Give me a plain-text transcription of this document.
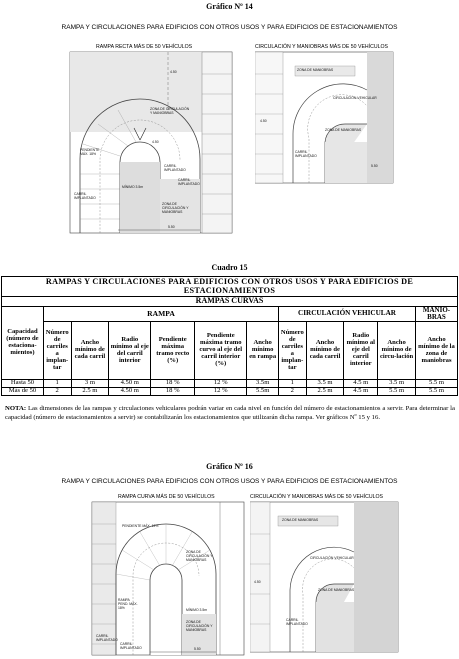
Gráfico Nº 14
RAMPA Y CIRCULACIONES PARA EDIFICIOS CON OTROS USOS Y PARA EDIFICIOS DE ESTACIONAMIENTOS
RAMPA RECTA MÁS DE 50 VEHÍCULOS
4.50
ZONA DE CIRCULACIÓN Y MANIOBRAS
PENDIENTE MÁX. 18%
4.50
CARRIL IMPLANTADO
CARRIL IMPLANTADO
MÍNIMO 3.5m
CARRIL IMPLANTADO
ZONA DE CIRCULACIÓN Y MANIOBRAS
5.50
CIRCULACIÓN Y MANIOBRAS MÁS DE 50 VEHÍCULOS
ZONA DE MANIOBRAS
CIRCULACIÓN VEHICULAR
ZONA DE MANIOBRAS
CARRIL IMPLANTADO
4.50
5.50
Cuadro 15
RAMPAS Y CIRCULACIONES PARA EDIFICIOS CON OTROS USOS Y PARA EDIFICIOS DE ESTACIONAMIENTOS											
RAMPAS CURVAS											
Capacidad (número de estaciona-mientos)	RAMPA						CIRCULACIÓN VEHICULAR				MANIO-BRAS
	Número de carriles a implan-tar	Ancho mínimo de cada carril	Radio mínimo al eje del carril interior	Pendiente máxima tramo recto (%)	Pendiente máxima tramo curvo al eje del carril interior (%)	Ancho mínimo en rampa	Número de carriles a implan-tar	Ancho mínimo de cada carril	Radio mínimo al eje del carril interior	Ancho mínimo de circu-lación	Ancho mínimo de la zona de maniobras
Hasta 50	1	3 m	4.50 m	18 %	12 %	3.5m	1	3.5 m	4.5 m	3.5 m	5.5 m
Más de 50	2	2.5 m	4.50 m	18 %	12 %	5.5m	2	2.5 m	4.5 m	5.5 m	5.5 m
NOTA: Las dimensiones de las rampas y circulaciones vehiculares podrán variar en cada nivel en función del número de estacionamientos a servir. Para determinar la capacidad (número de estacionamientos a servir) se contabilizarán los estacionamientos que utilizarán dicha rampa. Ver gráficos Nº 15 y 16.
Gráfico Nº 16
RAMPA Y CIRCULACIONES PARA EDIFICIOS CON OTROS USOS Y PARA EDIFICIOS DE ESTACIONAMIENTOS
RAMPA CURVA MÁS DE 50 VEHÍCULOS
PENDIENTE MÁX. 12%
ZONA DE CIRCULACIÓN Y MANIOBRAS
RAMPA PEND. MÁX. 18%
CARRIL IMPLANTADO
CARRIL IMPLANTADO
MÍNIMO 3.5m
ZONA DE CIRCULACIÓN Y MANIOBRAS
5.50
CIRCULACIÓN Y MANIOBRAS MÁS DE 50 VEHÍCULOS
ZONA DE MANIOBRAS
CIRCULACIÓN VEHICULAR
ZONA DE MANIOBRAS
CARRIL IMPLANTADO
4.50
